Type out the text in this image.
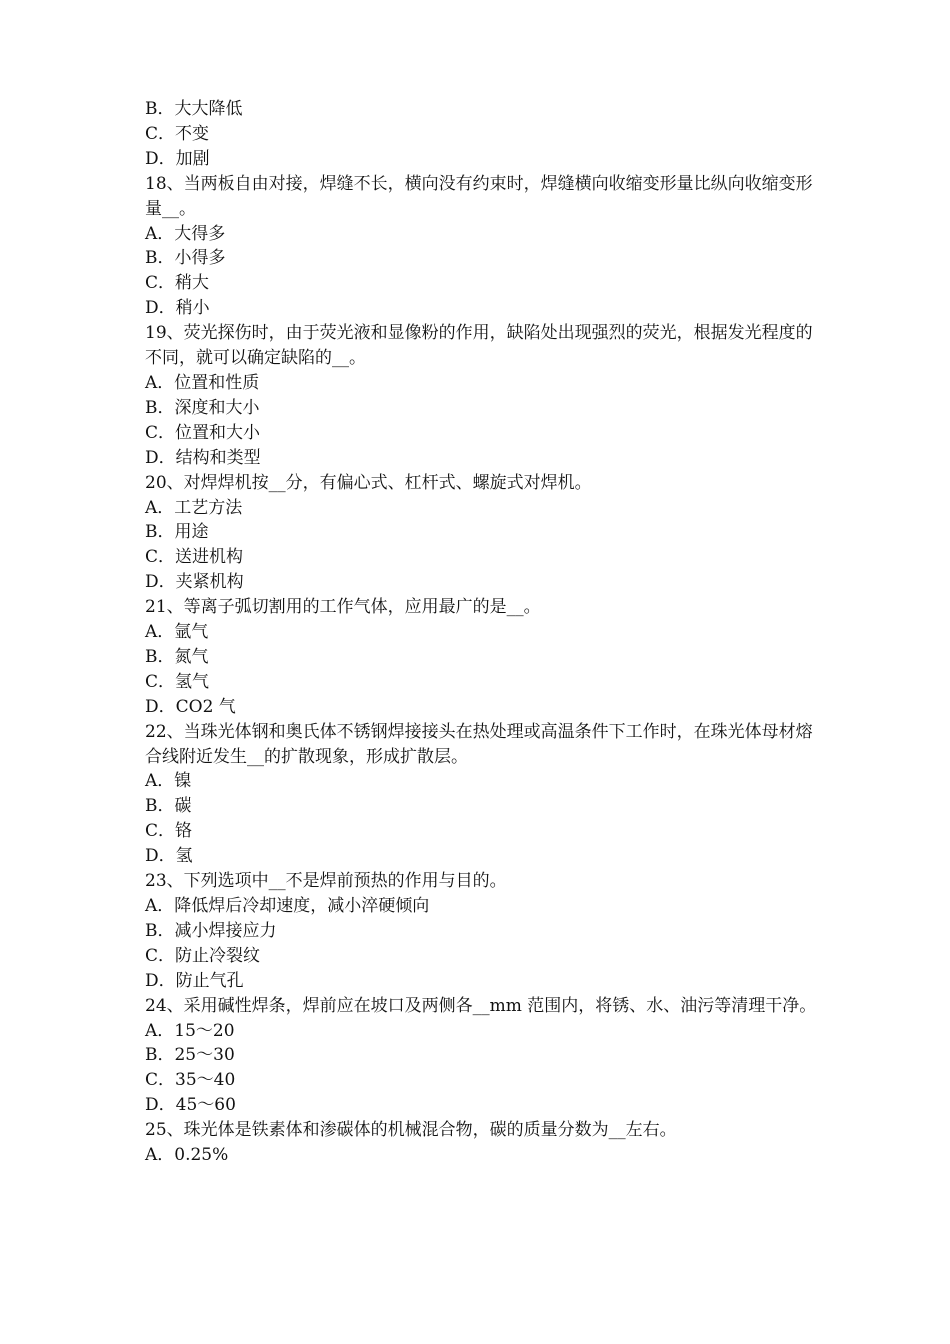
B．大大降低

C．不变

D．加剧

18、当两板自由对接，焊缝不长，横向没有约束时，焊缝横向收缩变形量比纵向收缩变形量__。

A．大得多

B．小得多

C．稍大

D．稍小

19、荧光探伤时，由于荧光液和显像粉的作用，缺陷处出现强烈的荧光，根据发光程度的不同，就可以确定缺陷的__。

A．位置和性质

B．深度和大小

C．位置和大小

D．结构和类型

20、对焊焊机按__分，有偏心式、杠杆式、螺旋式对焊机。

A．工艺方法

B．用途

C．送进机构

D．夹紧机构

21、等离子弧切割用的工作气体，应用最广的是__。

A．氩气

B．氮气

C．氢气

D．CO2 气

22、当珠光体钢和奥氏体不锈钢焊接接头在热处理或高温条件下工作时，在珠光体母材熔合线附近发生__的扩散现象，形成扩散层。

A．镍

B．碳

C．铬

D．氢

23、下列选项中__不是焊前预热的作用与目的。

A．降低焊后冷却速度，减小淬硬倾向

B．减小焊接应力

C．防止冷裂纹

D．防止气孔

24、采用碱性焊条，焊前应在坡口及两侧各__mm 范围内，将锈、水、油污等清理干净。

A．15～20

B．25～30

C．35～40

D．45～60

25、珠光体是铁素体和渗碳体的机械混合物，碳的质量分数为__左右。

A．0.25%
